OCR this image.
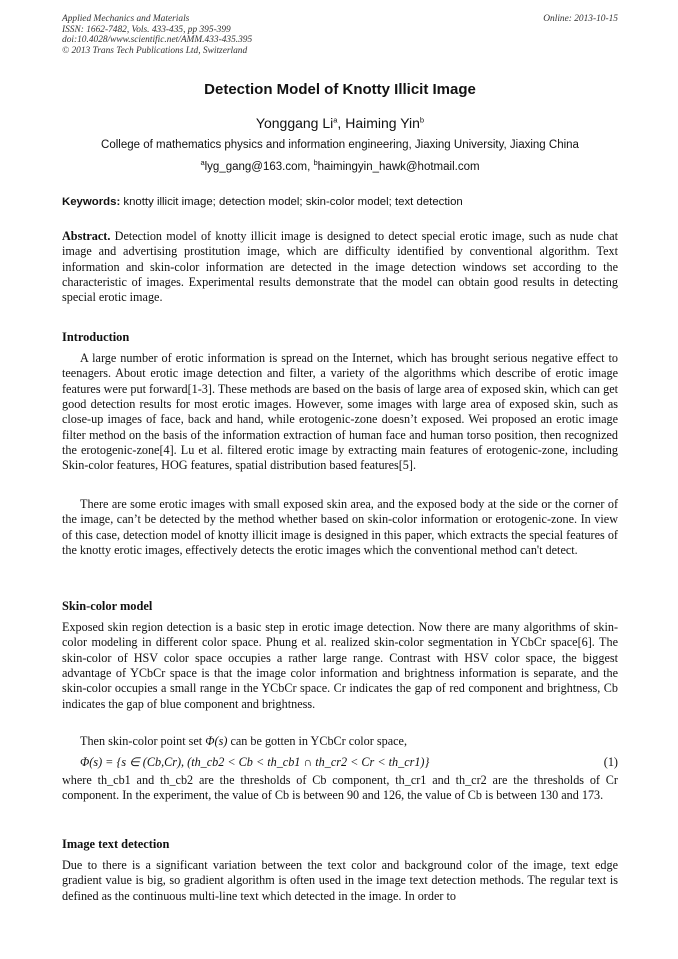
Applied Mechanics and Materials
ISSN: 1662-7482, Vols. 433-435, pp 395-399
doi:10.4028/www.scientific.net/AMM.433-435.395
© 2013 Trans Tech Publications Ltd, Switzerland
Online: 2013-10-15
Detection Model of Knotty Illicit Image
Yonggang Li$^a$, Haiming Yin$^b$
College of mathematics physics and information engineering, Jiaxing University, Jiaxing China
$^a$lyg_gang@163.com, $^b$haimingyin_hawk@hotmail.com
Keywords: knotty illicit image; detection model; skin-color model; text detection
Abstract. Detection model of knotty illicit image is designed to detect special erotic image, such as nude chat image and advertising prostitution image, which are difficulty identified by conventional algorithm. Text information and skin-color information are detected in the image detection windows set according to the characteristic of images. Experimental results demonstrate that the model can obtain good results in detecting special erotic image.
Introduction

A large number of erotic information is spread on the Internet, which has brought serious negative effect to teenagers. About erotic image detection and filter, a variety of the algorithms which describe of erotic image features were put forward[1-3]. These methods are based on the basis of large area of exposed skin, which can get good detection results for most erotic images. However, some images with large area of exposed skin, such as close-up images of face, back and hand, while erotogenic-zone doesn’t exposed. Wei proposed an erotic image filter method on the basis of the information extraction of human face and human torso position, then recognized the erotogenic-zone[4]. Lu et al. filtered erotic image by extracting main features of erotogenic-zone, including Skin-color features, HOG features, spatial distribution based features[5].

There are some erotic images with small exposed skin area, and the exposed body at the side or the corner of the image, can’t be detected by the method whether based on skin-color information or erotogenic-zone. In view of this case, detection model of knotty illicit image is designed in this paper, which extracts the special features of the knotty erotic images, effectively detects the erotic images which the conventional method can't detect.

Skin-color model

Exposed skin region detection is a basic step in erotic image detection. Now there are many algorithms of skin-color modeling in different color space. Phung et al. realized skin-color segmentation in YCbCr space[6]. The skin-color of HSV color space occupies a rather large range. Contrast with HSV color space, the biggest advantage of YCbCr space is that the image color information and brightness information is separate, and the skin-color occupies a small range in the YCbCr space. Cr indicates the gap of red component and brightness, Cb indicates the gap of blue component and brightness.

Then skin-color point set Φ(s) can be gotten in YCbCr color space,

Φ(s) = {s ∈ (Cb,Cr), (th_cb2 < Cb < th_cb1 ∩ th_cr2 < Cr < th_cr1)}	(1)

where th_cb1 and th_cb2 are the thresholds of Cb component, th_cr1 and th_cr2 are the thresholds of Cr component. In the experiment, the value of Cb is between 90 and 126, the value of Cb is between 130 and 173.

Image text detection

Due to there is a significant variation between the text color and background color of the image, text edge gradient value is big, so gradient algorithm is often used in the image text detection methods. The regular text is defined as the continuous multi-line text which detected in the image. In order to
